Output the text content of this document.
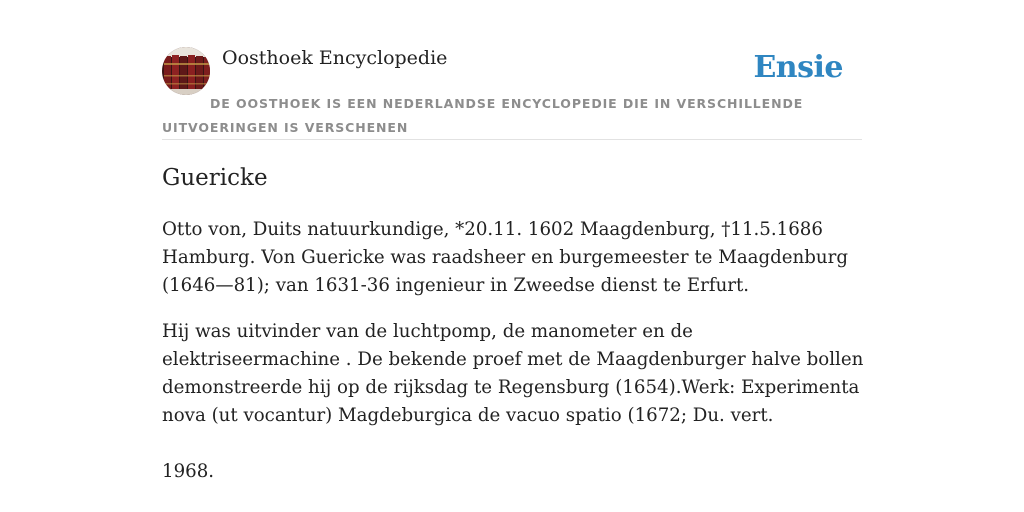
Oosthoek Encyclopedie	Ensie
DE OOSTHOEK IS EEN NEDERLANDSE ENCYCLOPEDIE DIE IN VERSCHILLENDE UITVOERINGEN IS VERSCHENEN
Guericke

Otto von, Duits natuurkundige, *20.11. 1602 Maagdenburg, †11.5.1686 Hamburg. Von Guericke was raadsheer en burgemeester te Maagdenburg (1646—81); van 1631-36 ingenieur in Zweedse dienst te Erfurt.

Hij was uitvinder van de luchtpomp, de manometer en de elektriseermachine . De bekende proef met de Maagdenburger halve bollen demonstreerde hij op de rijksdag te Regensburg (1654).Werk: Experimenta nova (ut vocantur) Magdeburgica de vacuo spatio (1672; Du. vert.

1968.
